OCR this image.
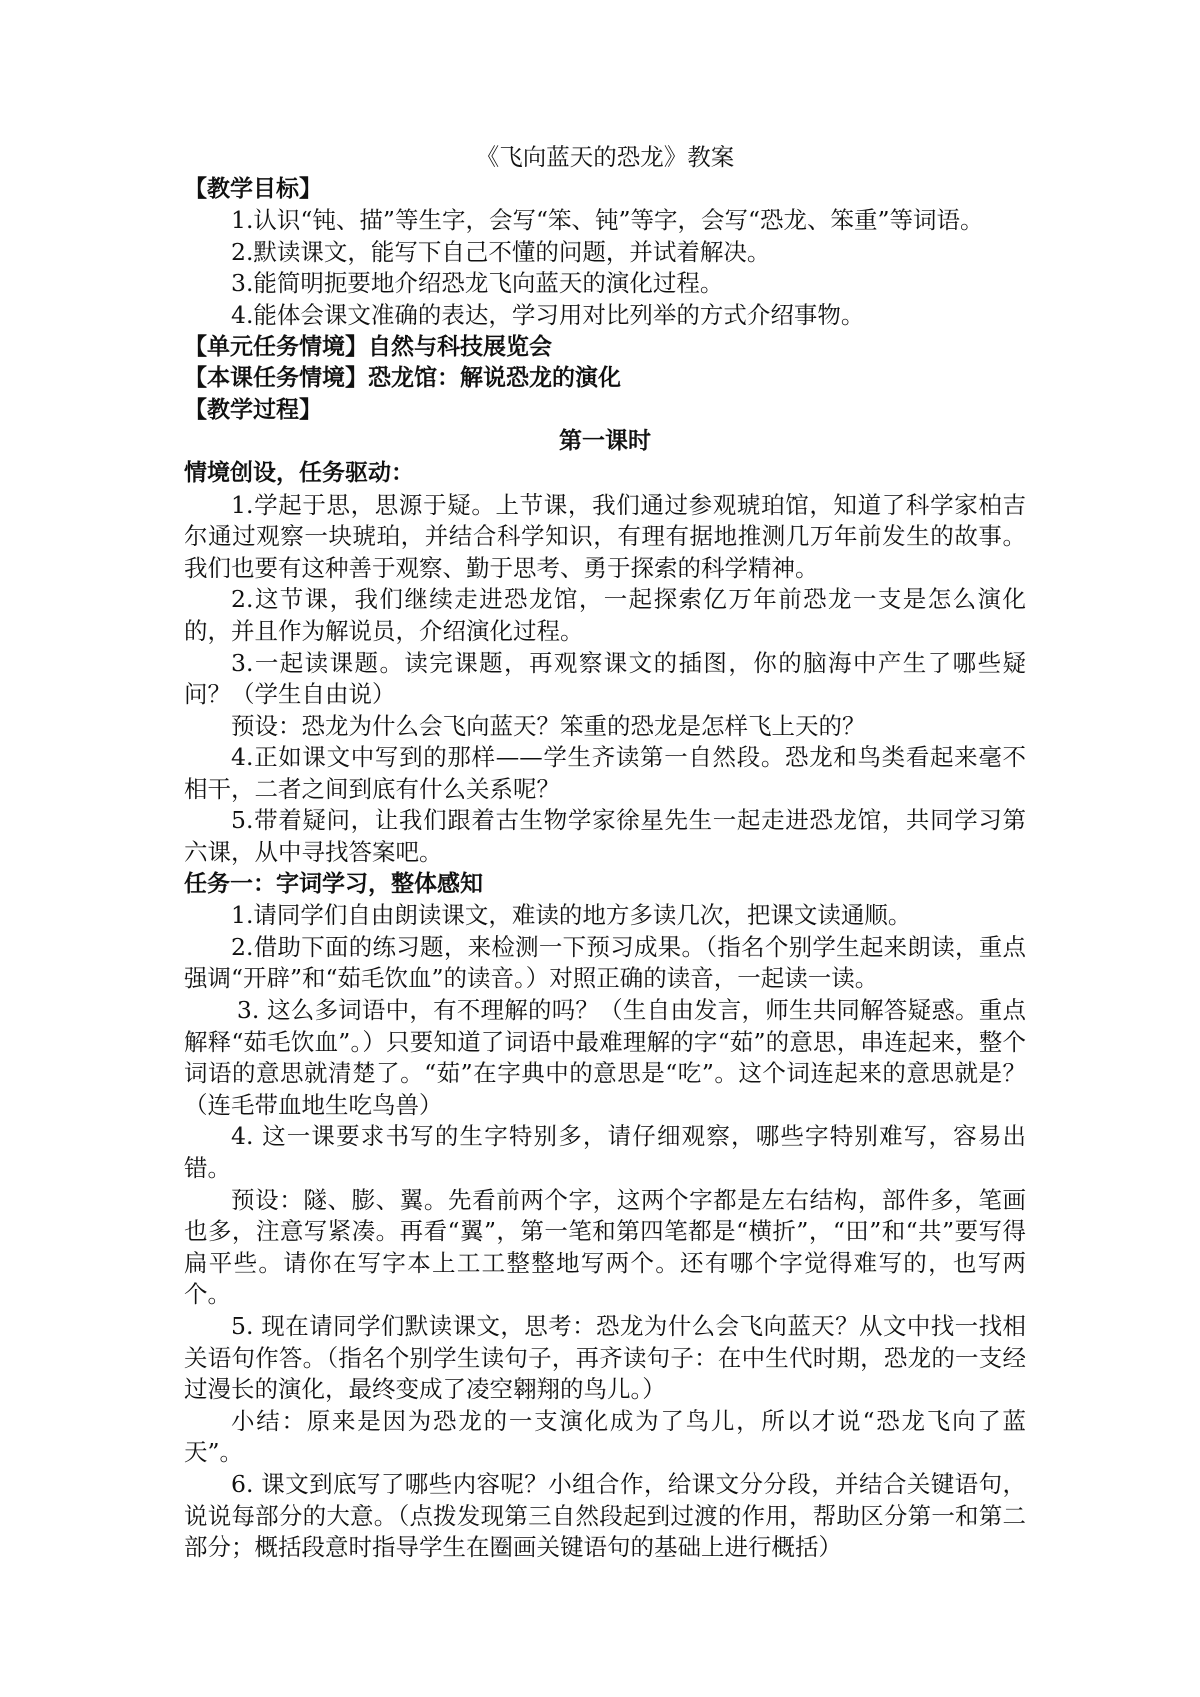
《飞向蓝天的恐龙》教案

【教学目标】

1.认识“钝、描”等生字，会写“笨、钝”等字，会写“恐龙、笨重”等词语。

2.默读课文，能写下自己不懂的问题，并试着解决。

3.能简明扼要地介绍恐龙飞向蓝天的演化过程。

4.能体会课文准确的表达，学习用对比列举的方式介绍事物。

【单元任务情境】自然与科技展览会

【本课任务情境】恐龙馆：解说恐龙的演化

【教学过程】

第一课时

情境创设，任务驱动：

1.学起于思，思源于疑。上节课，我们通过参观琥珀馆，知道了科学家柏吉尔通过观察一块琥珀，并结合科学知识，有理有据地推测几万年前发生的故事。我们也要有这种善于观察、勤于思考、勇于探索的科学精神。

2.这节课，我们继续走进恐龙馆，一起探索亿万年前恐龙一支是怎么演化的，并且作为解说员，介绍演化过程。

3.一起读课题。读完课题，再观察课文的插图，你的脑海中产生了哪些疑问？（学生自由说）

预设：恐龙为什么会飞向蓝天？笨重的恐龙是怎样飞上天的？

4.正如课文中写到的那样——学生齐读第一自然段。恐龙和鸟类看起来毫不相干，二者之间到底有什么关系呢？

5.带着疑问，让我们跟着古生物学家徐星先生一起走进恐龙馆，共同学习第六课，从中寻找答案吧。

任务一：字词学习，整体感知

1.请同学们自由朗读课文，难读的地方多读几次，把课文读通顺。

2.借助下面的练习题，来检测一下预习成果。（指名个别学生起来朗读，重点强调“开辟”和“茹毛饮血”的读音。）对照正确的读音，一起读一读。

3. 这么多词语中，有不理解的吗？（生自由发言，师生共同解答疑惑。重点解释“茹毛饮血”。）只要知道了词语中最难理解的字“茹”的意思，串连起来，整个词语的意思就清楚了。“茹”在字典中的意思是“吃”。这个词连起来的意思就是？（连毛带血地生吃鸟兽）

4. 这一课要求书写的生字特别多，请仔细观察，哪些字特别难写，容易出错。

预设：隧、膨、翼。先看前两个字，这两个字都是左右结构，部件多，笔画也多，注意写紧凑。再看“翼”，第一笔和第四笔都是“横折”，“田”和“共”要写得扁平些。请你在写字本上工工整整地写两个。还有哪个字觉得难写的，也写两个。

5. 现在请同学们默读课文，思考：恐龙为什么会飞向蓝天？从文中找一找相关语句作答。（指名个别学生读句子，再齐读句子：在中生代时期，恐龙的一支经过漫长的演化，最终变成了凌空翱翔的鸟儿。）

小结：原来是因为恐龙的一支演化成为了鸟儿，所以才说“恐龙飞向了蓝天”。

6. 课文到底写了哪些内容呢？小组合作，给课文分分段，并结合关键语句，说说每部分的大意。（点拨发现第三自然段起到过渡的作用，帮助区分第一和第二部分；概括段意时指导学生在圈画关键语句的基础上进行概括）
